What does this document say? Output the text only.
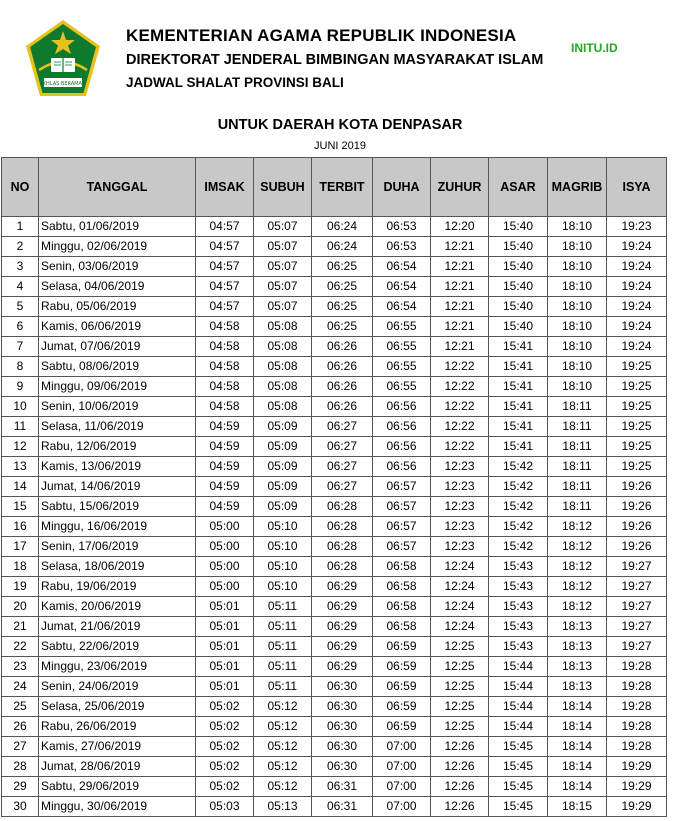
IKHLAS BERAMAL
KEMENTERIAN AGAMA REPUBLIK INDONESIA
DIREKTORAT JENDERAL BIMBINGAN MASYARAKAT ISLAM
JADWAL SHALAT PROVINSI BALI
INITU.ID
UNTUK DAERAH KOTA DENPASAR
JUNI 2019
NO	TANGGAL	IMSAK	SUBUH	TERBIT	DUHA	ZUHUR	ASAR	MAGRIB	ISYA
1	Sabtu, 01/06/2019	04:57	05:07	06:24	06:53	12:20	15:40	18:10	19:23
2	Minggu, 02/06/2019	04:57	05:07	06:24	06:53	12:21	15:40	18:10	19:24
3	Senin, 03/06/2019	04:57	05:07	06:25	06:54	12:21	15:40	18:10	19:24
4	Selasa, 04/06/2019	04:57	05:07	06:25	06:54	12:21	15:40	18:10	19:24
5	Rabu, 05/06/2019	04:57	05:07	06:25	06:54	12:21	15:40	18:10	19:24
6	Kamis, 06/06/2019	04:58	05:08	06:25	06:55	12:21	15:40	18:10	19:24
7	Jumat, 07/06/2019	04:58	05:08	06:26	06:55	12:21	15:41	18:10	19:24
8	Sabtu, 08/06/2019	04:58	05:08	06:26	06:55	12:22	15:41	18:10	19:25
9	Minggu, 09/06/2019	04:58	05:08	06:26	06:55	12:22	15:41	18:10	19:25
10	Senin, 10/06/2019	04:58	05:08	06:26	06:56	12:22	15:41	18:11	19:25
11	Selasa, 11/06/2019	04:59	05:09	06:27	06:56	12:22	15:41	18:11	19:25
12	Rabu, 12/06/2019	04:59	05:09	06:27	06:56	12:22	15:41	18:11	19:25
13	Kamis, 13/06/2019	04:59	05:09	06:27	06:56	12:23	15:42	18:11	19:25
14	Jumat, 14/06/2019	04:59	05:09	06:27	06:57	12:23	15:42	18:11	19:26
15	Sabtu, 15/06/2019	04:59	05:09	06:28	06:57	12:23	15:42	18:11	19:26
16	Minggu, 16/06/2019	05:00	05:10	06:28	06:57	12:23	15:42	18:12	19:26
17	Senin, 17/06/2019	05:00	05:10	06:28	06:57	12:23	15:42	18:12	19:26
18	Selasa, 18/06/2019	05:00	05:10	06:28	06:58	12:24	15:43	18:12	19:27
19	Rabu, 19/06/2019	05:00	05:10	06:29	06:58	12:24	15:43	18:12	19:27
20	Kamis, 20/06/2019	05:01	05:11	06:29	06:58	12:24	15:43	18:12	19:27
21	Jumat, 21/06/2019	05:01	05:11	06:29	06:58	12:24	15:43	18:13	19:27
22	Sabtu, 22/06/2019	05:01	05:11	06:29	06:59	12:25	15:43	18:13	19:27
23	Minggu, 23/06/2019	05:01	05:11	06:29	06:59	12:25	15:44	18:13	19:28
24	Senin, 24/06/2019	05:01	05:11	06:30	06:59	12:25	15:44	18:13	19:28
25	Selasa, 25/06/2019	05:02	05:12	06:30	06:59	12:25	15:44	18:14	19:28
26	Rabu, 26/06/2019	05:02	05:12	06:30	06:59	12:25	15:44	18:14	19:28
27	Kamis, 27/06/2019	05:02	05:12	06:30	07:00	12:26	15:45	18:14	19:28
28	Jumat, 28/06/2019	05:02	05:12	06:30	07:00	12:26	15:45	18:14	19:29
29	Sabtu, 29/06/2019	05:02	05:12	06:31	07:00	12:26	15:45	18:14	19:29
30	Minggu, 30/06/2019	05:03	05:13	06:31	07:00	12:26	15:45	18:15	19:29
